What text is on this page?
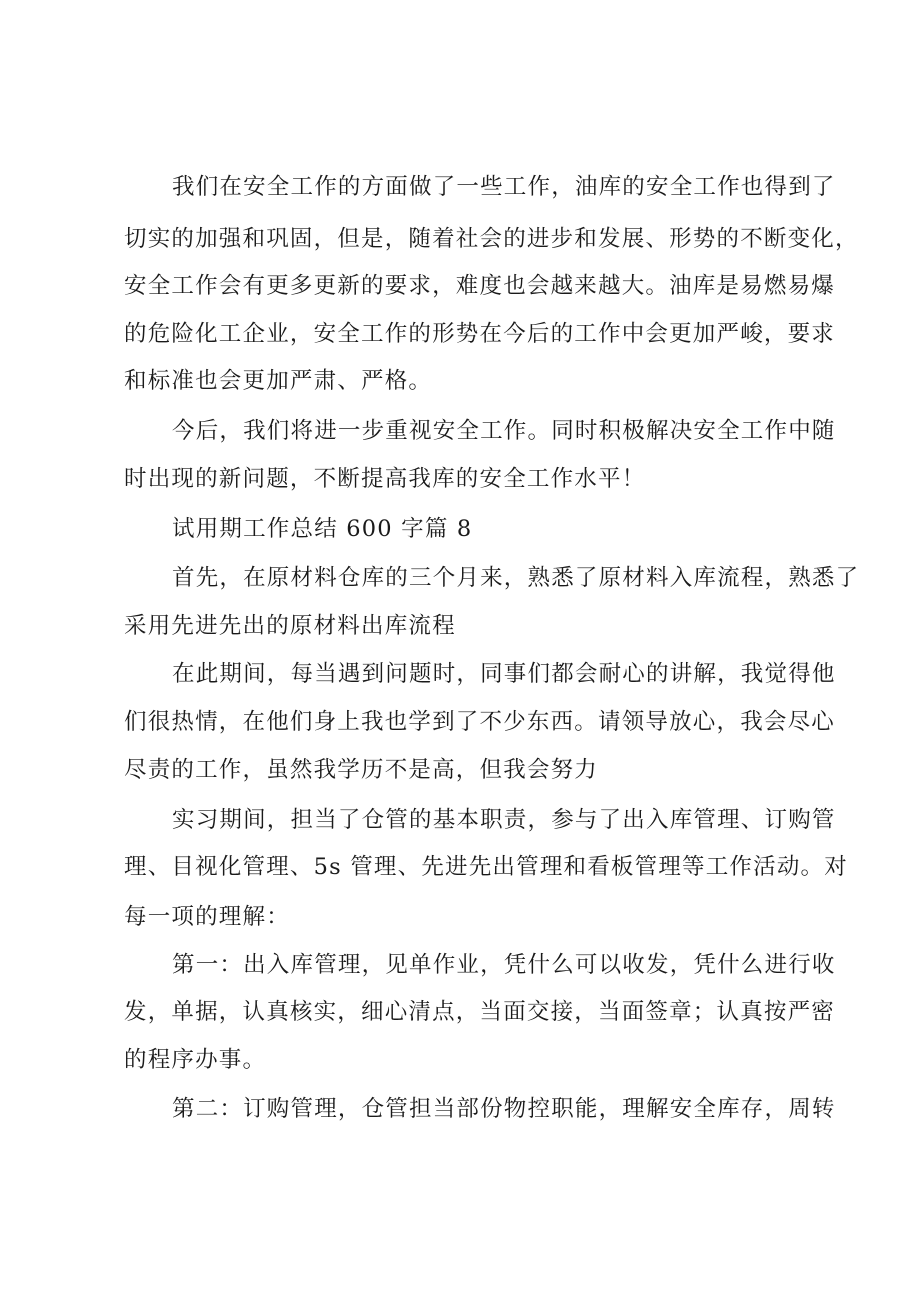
我们在安全工作的方面做了一些工作，油库的安全工作也得到了
切实的加强和巩固，但是，随着社会的进步和发展、形势的不断变化，
安全工作会有更多更新的要求，难度也会越来越大。油库是易燃易爆
的危险化工企业，安全工作的形势在今后的工作中会更加严峻，要求
和标准也会更加严肃、严格。
今后，我们将进一步重视安全工作。同时积极解决安全工作中随
时出现的新问题，不断提高我库的安全工作水平！
试用期工作总结 600 字篇 8
首先，在原材料仓库的三个月来，熟悉了原材料入库流程，熟悉了
采用先进先出的原材料出库流程
在此期间，每当遇到问题时，同事们都会耐心的讲解，我觉得他
们很热情，在他们身上我也学到了不少东西。请领导放心，我会尽心
尽责的工作，虽然我学历不是高，但我会努力
实习期间，担当了仓管的基本职责，参与了出入库管理、订购管
理、目视化管理、5s 管理、先进先出管理和看板管理等工作活动。对
每一项的理解：
第一：出入库管理，见单作业，凭什么可以收发，凭什么进行收
发，单据，认真核实，细心清点，当面交接，当面签章；认真按严密
的程序办事。
第二：订购管理，仓管担当部份物控职能，理解安全库存，周转
